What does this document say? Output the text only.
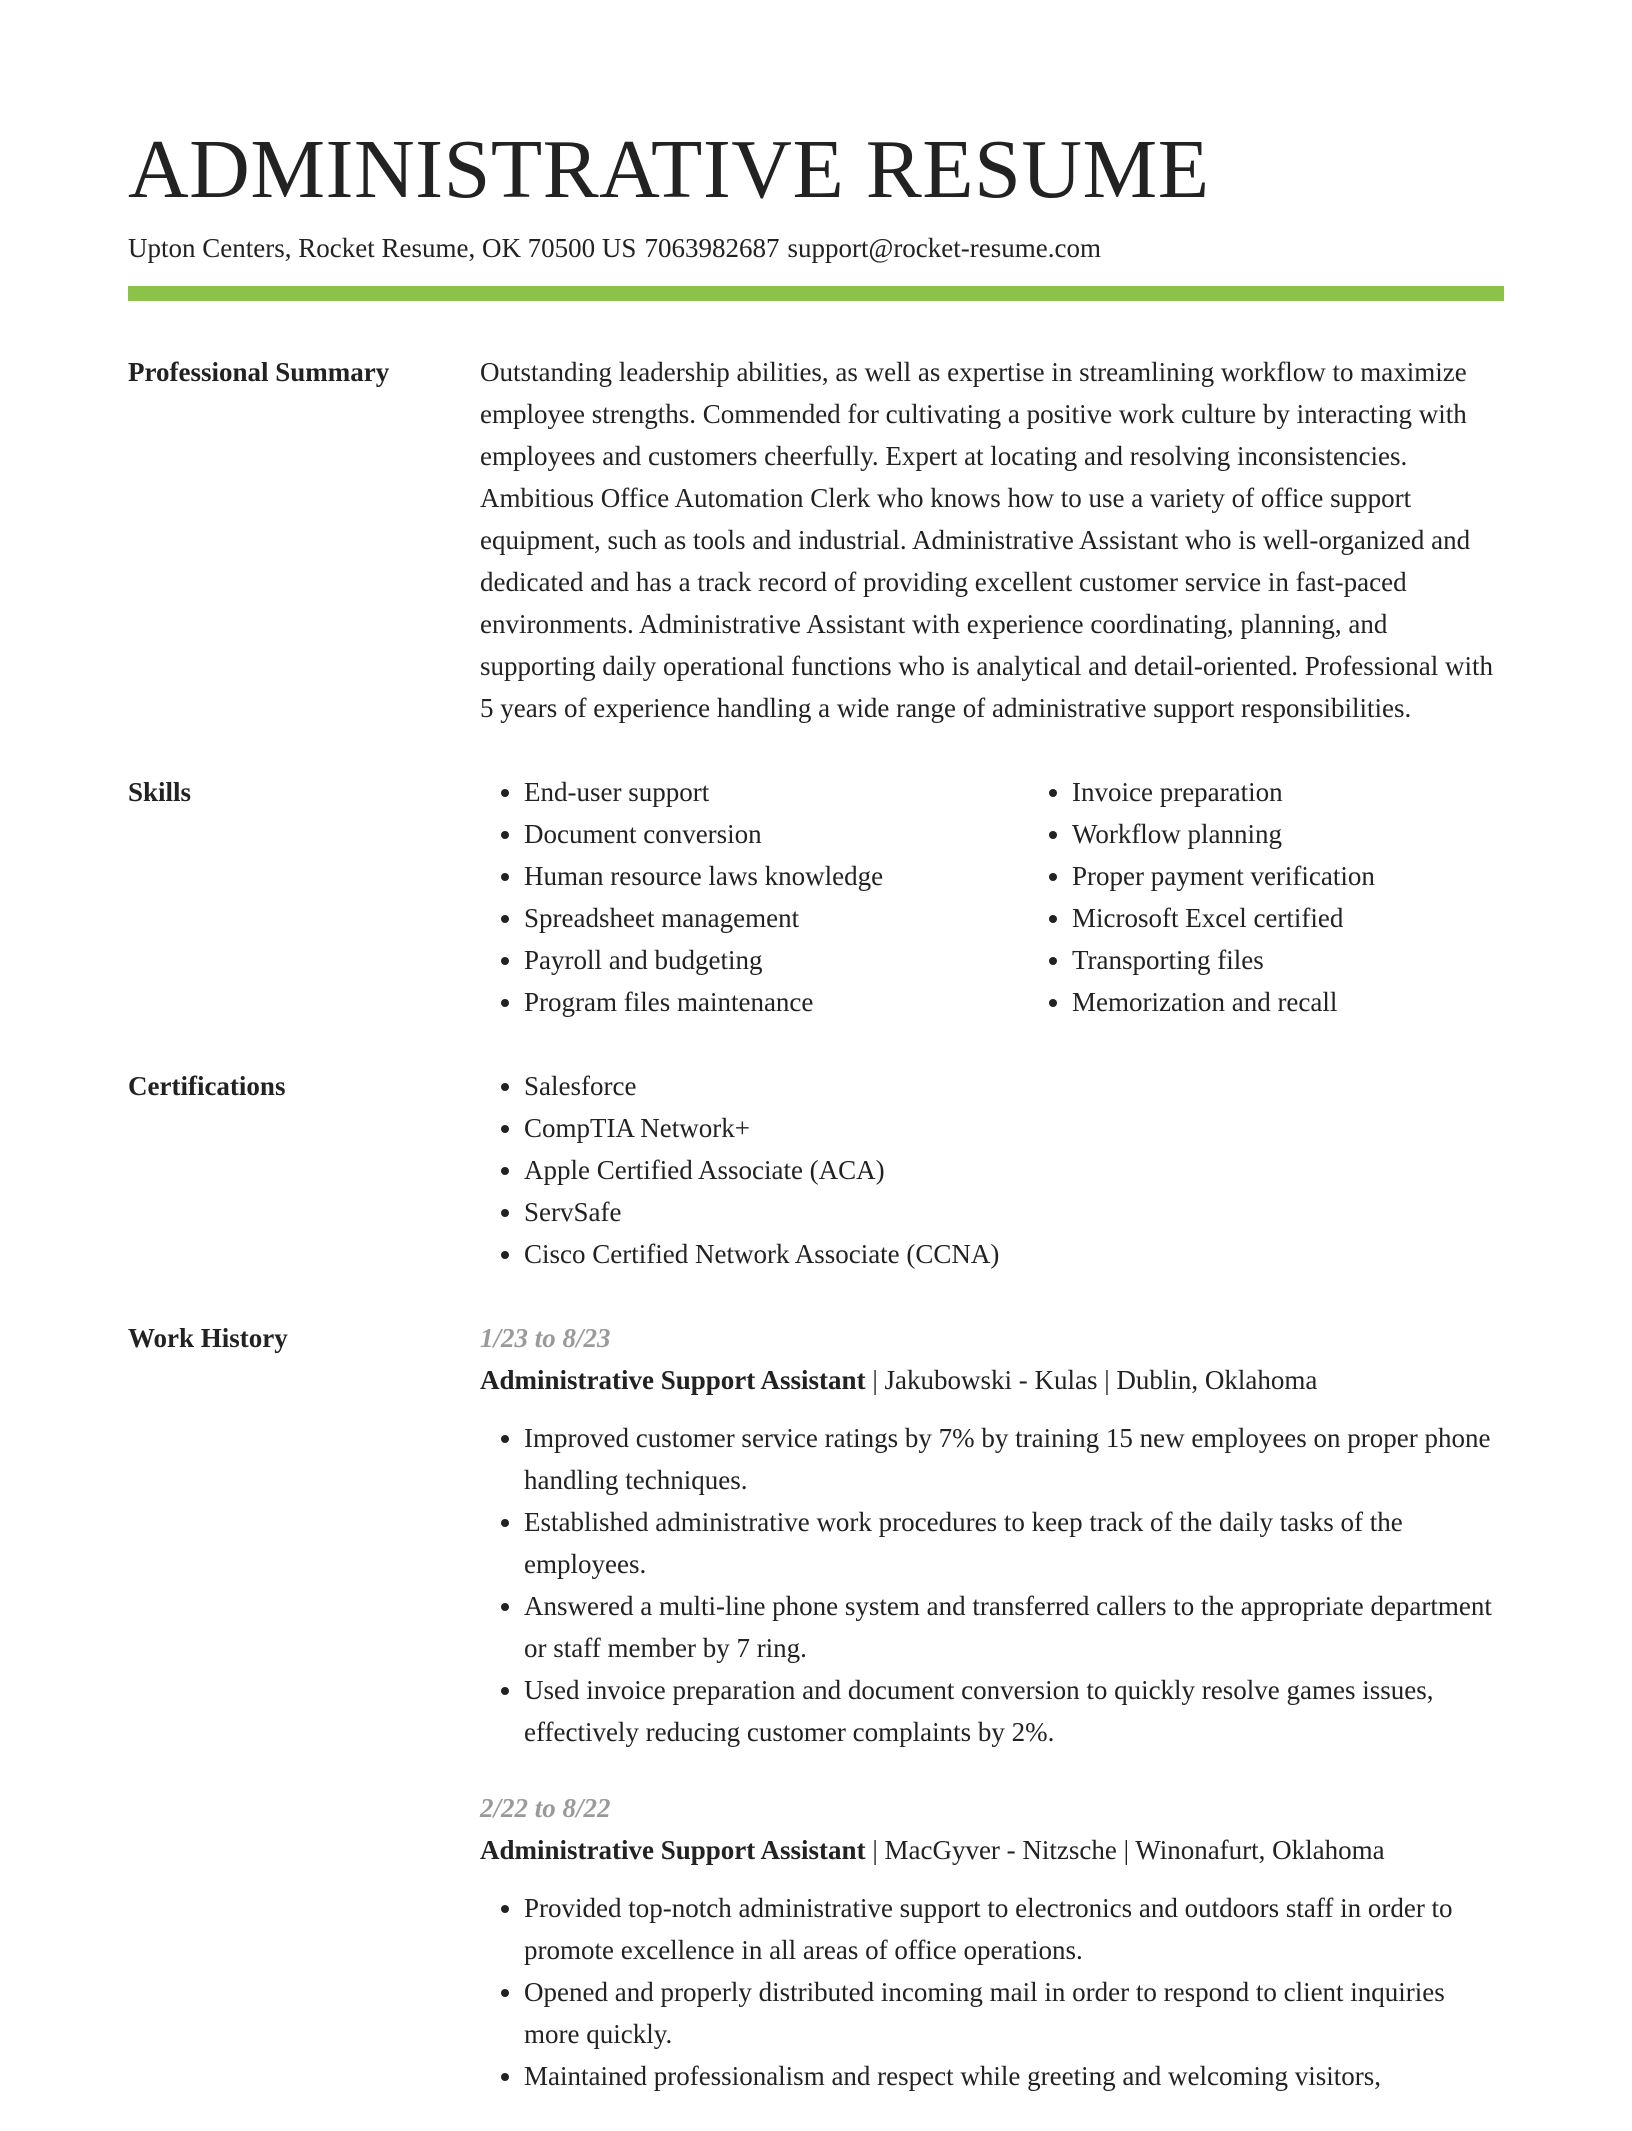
ADMINISTRATIVE RESUME
Upton Centers, Rocket Resume, OK 70500 US 7063982687 support@rocket-resume.com
Professional Summary	Outstanding leadership abilities, as well as expertise in streamlining workflow to maximize employee strengths. Commended for cultivating a positive work culture by interacting with employees and customers cheerfully. Expert at locating and resolving inconsistencies. Ambitious Office Automation Clerk who knows how to use a variety of office support equipment, such as tools and industrial. Administrative Assistant who is well-organized and dedicated and has a track record of providing excellent customer service in fast-paced environments. Administrative Assistant with experience coordinating, planning, and supporting daily operational functions who is analytical and detail-oriented. Professional with 5 years of experience handling a wide range of administrative support responsibilities.

Skills	• End-user support
• Document conversion
• Human resource laws knowledge
• Spreadsheet management
• Payroll and budgeting
• Program files maintenance
• Invoice preparation
• Workflow planning
• Proper payment verification
• Microsoft Excel certified
• Transporting files
• Memorization and recall
Certifications	• Salesforce
• CompTIA Network+
• Apple Certified Associate (ACA)
• ServSafe
• Cisco Certified Network Associate (CCNA)
Work History	1/23 to 8/23
Administrative Support Assistant | Jakubowski - Kulas | Dublin, Oklahoma
• Improved customer service ratings by 7% by training 15 new employees on proper phone handling techniques.
• Established administrative work procedures to keep track of the daily tasks of the employees.
• Answered a multi-line phone system and transferred callers to the appropriate department or staff member by 7 ring.
• Used invoice preparation and document conversion to quickly resolve games issues, effectively reducing customer complaints by 2%.
2/22 to 8/22
Administrative Support Assistant | MacGyver - Nitzsche | Winonafurt, Oklahoma
• Provided top-notch administrative support to electronics and outdoors staff in order to promote excellence in all areas of office operations.
• Opened and properly distributed incoming mail in order to respond to client inquiries more quickly.
• Maintained professionalism and respect while greeting and welcoming visitors,
